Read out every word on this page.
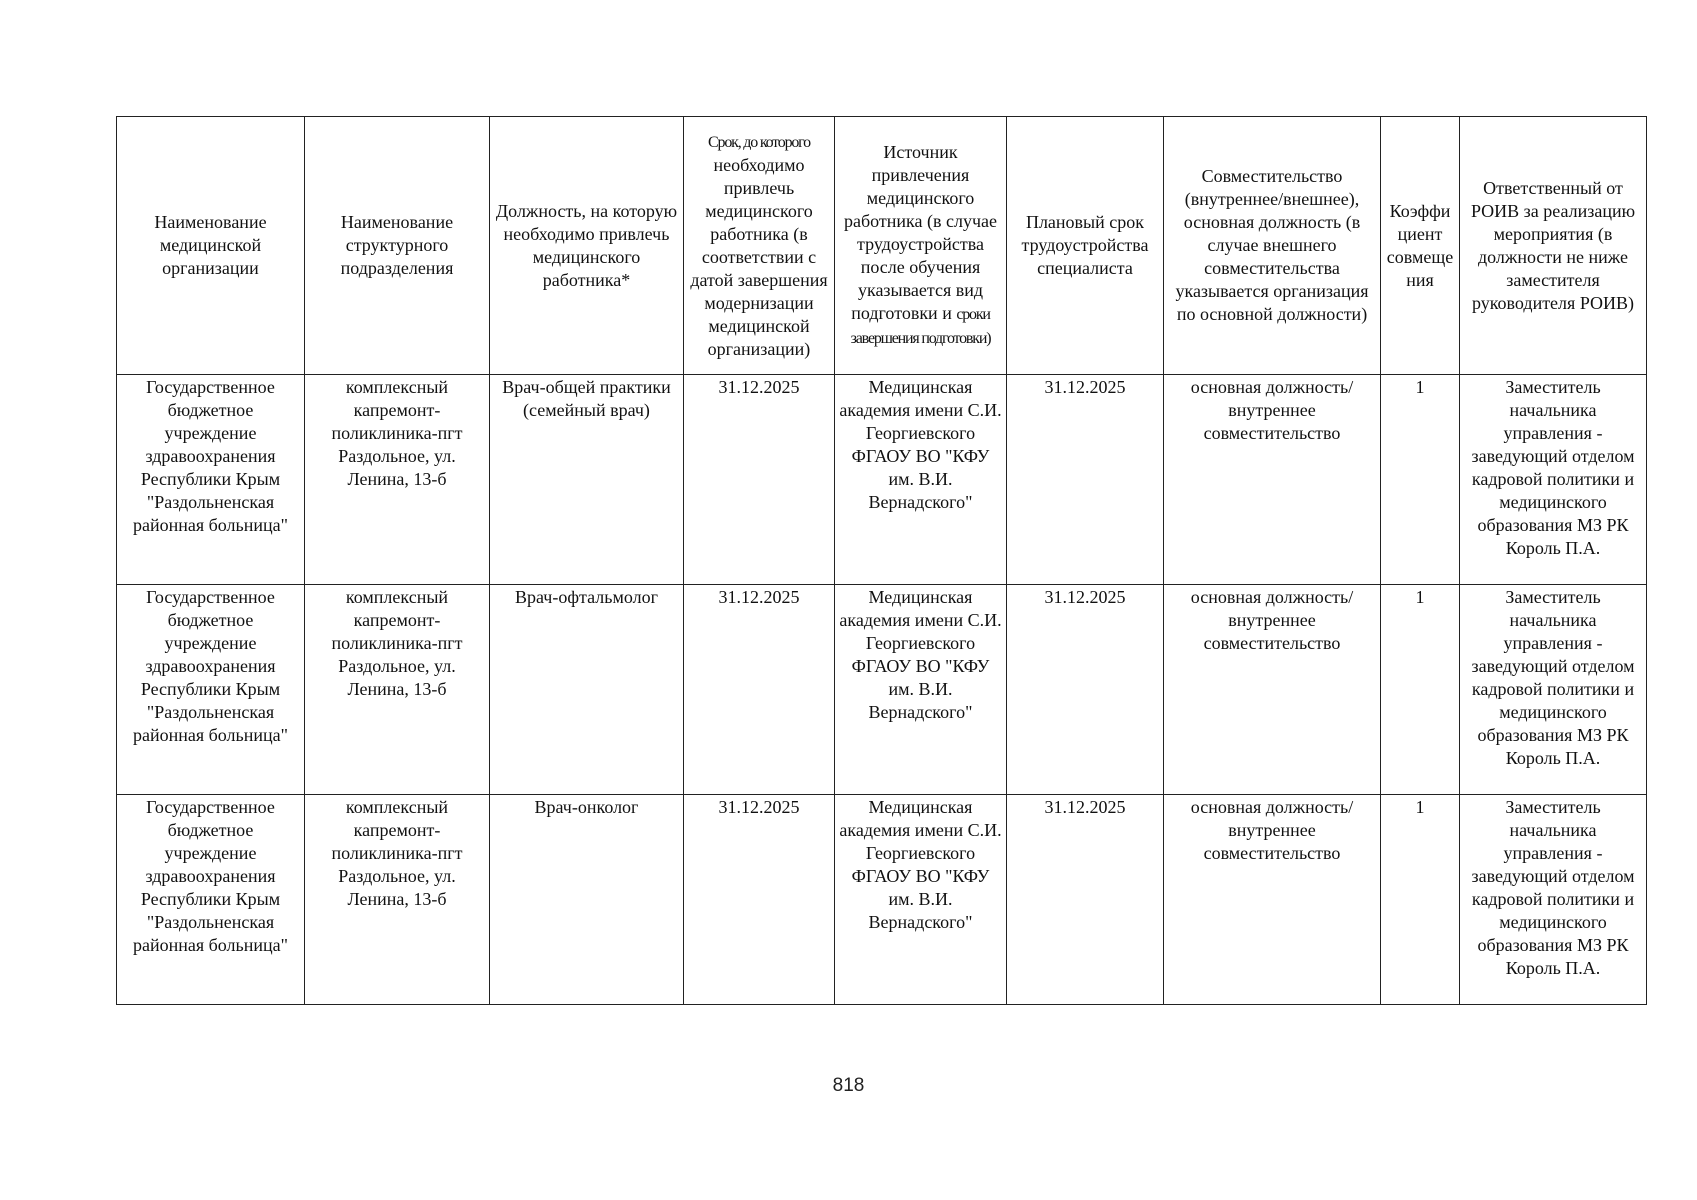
Наименование медицинской организации	Наименование структурного подразделения	Должность, на которую необходимо привлечь медицинского работника*	Срок, до которого необходимо привлечь медицинского работника (в соответствии с датой завершения модернизации медицинской организации)	Источник привлечения медицинского работника (в случае трудоустройства после обучения указывается вид подготовки и сроки завершения подготовки)	Плановый срок трудоустройства специалиста	Совместительство (внутреннее/внешнее), основная должность (в случае внешнего совместительства указывается организация по основной должности)	Коэффициент совмещения	Ответственный от РОИВ за реализацию мероприятия (в должности не ниже заместителя руководителя РОИВ)
Государственное бюджетное учреждение здравоохранения Республики Крым "Раздольненская районная больница"	комплексный капремонт-поликлиника-пгт Раздольное, ул. Ленина, 13-б	Врач-общей практики (семейный врач)	31.12.2025	Медицинская академия имени С.И. Георгиевского ФГАОУ ВО "КФУ им. В.И. Вернадского"	31.12.2025	основная должность/ внутреннее совместительство	1	Заместитель начальника управления - заведующий отделом кадровой политики и медицинского образования МЗ РК Король П.А.
Государственное бюджетное учреждение здравоохранения Республики Крым "Раздольненская районная больница"	комплексный капремонт-поликлиника-пгт Раздольное, ул. Ленина, 13-б	Врач-офтальмолог	31.12.2025	Медицинская академия имени С.И. Георгиевского ФГАОУ ВО "КФУ им. В.И. Вернадского"	31.12.2025	основная должность/ внутреннее совместительство	1	Заместитель начальника управления - заведующий отделом кадровой политики и медицинского образования МЗ РК Король П.А.
Государственное бюджетное учреждение здравоохранения Республики Крым "Раздольненская районная больница"	комплексный капремонт-поликлиника-пгт Раздольное, ул. Ленина, 13-б	Врач-онколог	31.12.2025	Медицинская академия имени С.И. Георгиевского ФГАОУ ВО "КФУ им. В.И. Вернадского"	31.12.2025	основная должность/ внутреннее совместительство	1	Заместитель начальника управления - заведующий отделом кадровой политики и медицинского образования МЗ РК Король П.А.
818
